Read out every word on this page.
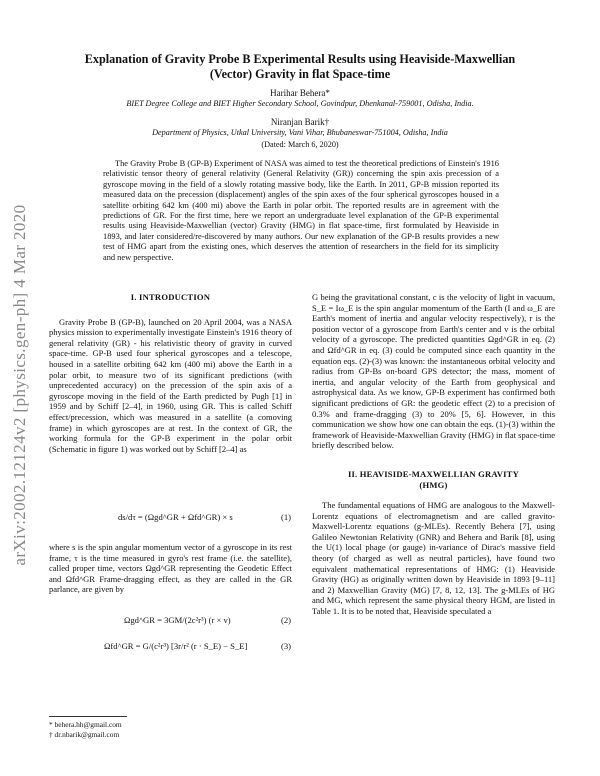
arXiv:2002.12124v2 [physics.gen-ph] 4 Mar 2020
Explanation of Gravity Probe B Experimental Results using Heaviside-Maxwellian
(Vector) Gravity in flat Space-time
Harihar Behera*
BIET Degree College and BIET Higher Secondary School, Govindpur, Dhenkanal-759001, Odisha, India.
Niranjan Barik†
Department of Physics, Utkal University, Vani Vihar, Bhubaneswar-751004, Odisha, India
(Dated: March 6, 2020)
The Gravity Probe B (GP-B) Experiment of NASA was aimed to test the theoretical predictions of Einstein's 1916 relativistic tensor theory of general relativity (General Relativity (GR)) concerning the spin axis precession of a gyroscope moving in the field of a slowly rotating massive body, like the Earth. In 2011, GP-B mission reported its measured data on the precession (displacement) angles of the spin axes of the four spherical gyroscopes housed in a satellite orbiting 642 km (400 mi) above the Earth in polar orbit. The reported results are in agreement with the predictions of GR. For the first time, here we report an undergraduate level explanation of the GP-B experimental results using Heaviside-Maxwellian (vector) Gravity (HMG) in flat space-time, first formulated by Heaviside in 1893, and later considered/re-discovered by many authors. Our new explanation of the GP-B results provides a new test of HMG apart from the existing ones, which deserves the attention of researchers in the field for its simplicity and new perspective.
I. INTRODUCTION

Gravity Probe B (GP-B), launched on 20 April 2004, was a NASA physics mission to experimentally investigate Einstein's 1916 theory of general relativity (GR) - his relativistic theory of gravity in curved space-time. GP-B used four spherical gyroscopes and a telescope, housed in a satellite orbiting 642 km (400 mi) above the Earth in a polar orbit, to measure two of its significant predictions (with unprecedented accuracy) on the precession of the spin axis of a gyroscope moving in the field of the Earth predicted by Pugh [1] in 1959 and by Schiff [2–4], in 1960, using GR. This is called Schiff effect/precession, which was measured in a satellite (a comoving frame) in which gyroscopes are at rest. In the context of GR, the working formula for the GP-B experiment in the polar orbit (Schematic in figure 1) was worked out by Schiff [2–4] as

ds/dτ = (Ωgd^GR + Ωfd^GR) × s	(1)

where s is the spin angular momentum vector of a gyroscope in its rest frame, τ is the time measured in gyro's rest frame (i.e. the satellite), called proper time, vectors Ωgd^GR representing the Geodetic Effect and Ωfd^GR Frame-dragging effect, as they are called in the GR parlance, are given by

Ωgd^GR = 3GM/(2c²r³) (r × v)	(2)
Ωfd^GR = G/(c²r³) [3r/r² (r · S_E) − S_E]	(3)
* behera.hh@gmail.com
† dr.nbarik@gmail.com

G being the gravitational constant, c is the velocity of light in vacuum, S_E = Iω_E is the spin angular momentum of the Earth (I and ω_E are Earth's moment of inertia and angular velocity respectively), r is the position vector of a gyroscope from Earth's center and v is the orbital velocity of a gyroscope. The predicted quantities Ωgd^GR in eq. (2) and Ωfd^GR in eq. (3) could be computed since each quantity in the equation eqs. (2)-(3) was known: the instantaneous orbital velocity and radius from GP-Bs on-board GPS detector; the mass, moment of inertia, and angular velocity of the Earth from geophysical and astrophysical data. As we know, GP-B experiment has confirmed both significant predictions of GR: the geodetic effect (2) to a precision of 0.3% and frame-dragging (3) to 20% [5, 6]. However, in this communication we show how one can obtain the eqs. (1)-(3) within the framework of Heaviside-Maxwellian Gravity (HMG) in flat space-time briefly described below.

II. HEAVISIDE-MAXWELLIAN GRAVITY
(HMG)

The fundamental equations of HMG are analogous to the Maxwell-Lorentz equations of electromagnetism and are called gravito-Maxwell-Lorentz equations (g-MLEs). Recently Behera [7], using Galileo Newtonian Relativity (GNR) and Behera and Barik [8], using the U(1) local phage (or gauge) in-variance of Dirac's massive field theory (of charged as well as neutral particles), have found two equivalent mathematical representations of HMG: (1) Heaviside Gravity (HG) as originally written down by Heaviside in 1893 [9–11] and 2) Maxwellian Gravity (MG) [7, 8, 12, 13]. The g-MLEs of HG and MG, which represent the same physical theory HGM, are listed in Table 1. It is to be noted that, Heaviside speculated a
